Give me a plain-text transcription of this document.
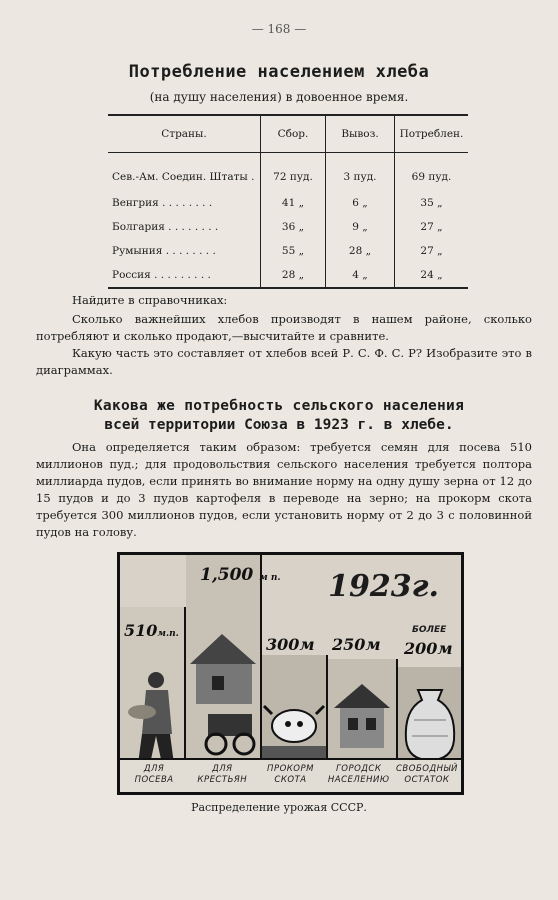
— 168 —
Потребление населением хлеба
(на душу населения) в довоенное время.
Страны.	Сбор.	Вывоз.	Потреблен.
Сев.-Ам. Соедин. Штаты .	72 пуд.	3 пуд.	69 пуд.
Венгрия . . . . . . . .	41 „	6 „	35 „
Болгария . . . . . . . .	36 „	9 „	27 „
Румыния . . . . . . . .	55 „	28 „	27 „
Россия . . . . . . . . .	28 „	4 „	24 „
Найдите в справочниках:
Сколько важнейших хлебов производят в нашем районе, сколько потребляют и сколько продают,—высчитайте и сравните.
Какую часть это составляет от хлебов всей Р. С. Ф. С. Р? Изобразите это в диаграммах.
Какова же потребность сельского населения
всей территории Союза в 1923 г. в хлебе.
Она определяется таким образом: требуется семян для посева 510 миллионов пуд.; для продовольствия сельского населения требуется полтора миллиарда пудов, если принять во внимание норму на одну душу зерна от 12 до 15 пудов и до 3 пудов картофеля в переводе на зерно; на прокорм скота требуется 300 миллионов пудов, если установить норму от 2 до 3 с половинной пудов на голову.
510м.п.
1,500 м п. 1923г.
300м 250м
БОЛЕЕ
200м
ДЛЯ
ПОСЕВА
ДЛЯ
КРЕСТЬЯН
ПРОКОРМ
СКОТА
ГОРОДСК
НАСЕЛЕНИЮ
СВОБОДНЫЙ
ОСТАТОК
Распределение урожая СССР.
